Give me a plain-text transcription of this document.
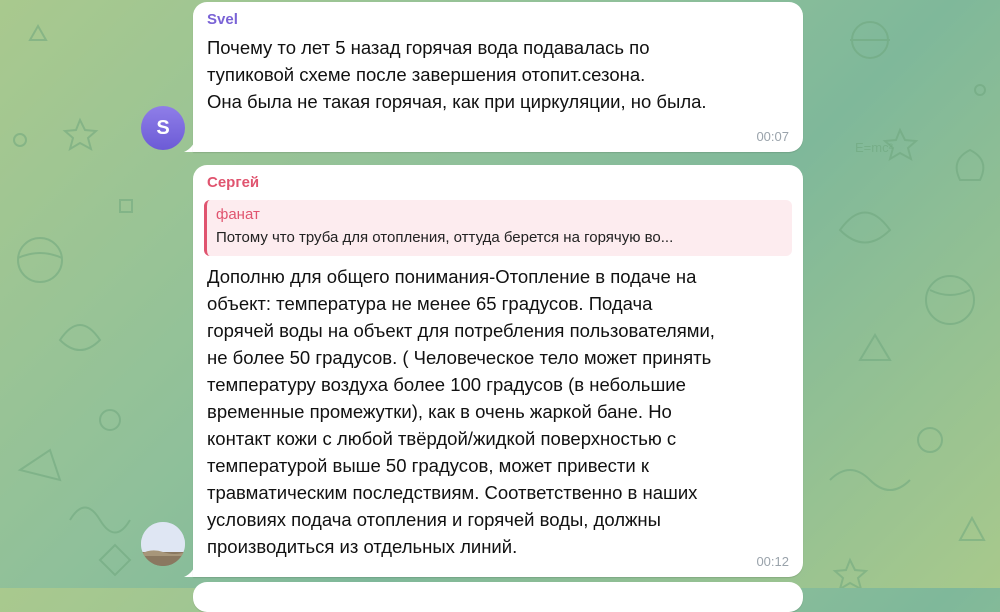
E=mc²
S
Svel
Почему то лет 5 назад горячая вода подавалась по
тупиковой схеме после завершения отопит.сезона.
Она была не такая горячая, как при циркуляции, но была.
00:07
Сергей
фанат
Потому что труба для отопления, оттуда берется на горячую во...
Дополню для общего понимания-Отопление в подаче на
объект: температура не менее 65 градусов. Подача
горячей воды на объект для потребления пользователями,
не более 50 градусов. ( Человеческое тело может принять
температуру воздуха более 100 градусов (в небольшие
временные промежутки), как в очень жаркой бане. Но
контакт кожи с любой твёрдой/жидкой поверхностью с
температурой выше 50 градусов, может привести к
травматическим последствиям. Соответственно в наших
условиях подача отопления и горячей воды, должны
производиться из отдельных линий.
00:12
